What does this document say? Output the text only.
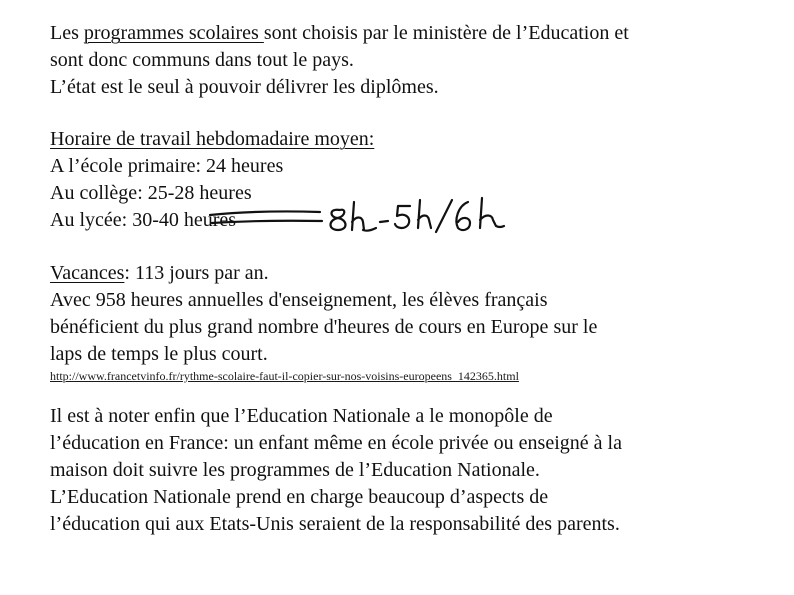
Les programmes scolaires sont choisis par le ministère de l’Education et
sont donc communs dans tout le pays.
L’état est le seul à pouvoir délivrer les diplômes.
Horaire de travail hebdomadaire moyen:
A l’école primaire: 24 heures
Au collège: 25-28 heures
Au lycée: 30-40 heures
Vacances: 113 jours par an.
Avec 958 heures annuelles d'enseignement, les élèves français
bénéficient du plus grand nombre d'heures de cours en Europe sur le
laps de temps le plus court.
http://www.francetvinfo.fr/rythme-scolaire-faut-il-copier-sur-nos-voisins-europeens_142365.html
Il est à noter enfin que l’Education Nationale a le monopôle de
l’éducation en France: un enfant même en école privée ou enseigné à la
maison doit suivre les programmes de l’Education Nationale.
L’Education Nationale prend en charge beaucoup d’aspects de
l’éducation qui aux Etats-Unis seraient de la responsabilité des parents.
